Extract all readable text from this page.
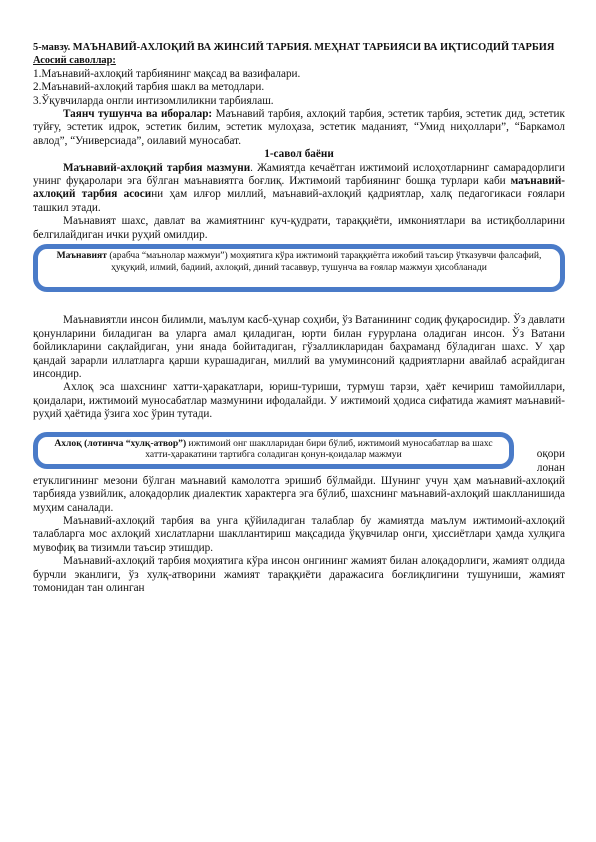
5-мавзу. МАЪНАВИЙ-АХЛОҚИЙ ВА ЖИНСИЙ ТАРБИЯ. МЕҲНАТ ТАРБИЯСИ ВА ИҚТИСОДИЙ ТАРБИЯ

Асосий саволлар:

1.Маънавий-ахлоқий тарбиянинг мақсад ва вазифалари.

2.Маънавий-ахлоқий тарбия шакл ва методлари.

3.Ўқувчиларда онгли интизомлиликни тарбиялаш.

Таянч тушунча ва иборалар: Маънавий тарбия, ахлоқий тарбия, эстетик тарбия, эстетик дид, эстетик туйғу, эстетик идрок, эстетик билим, эстетик мулоҳаза, эстетик маданият, “Умид ниҳоллари”, “Баркамол авлод”, “Универсиада”, оилавий муносабат.

1-савол баёни

Маънавий-ахлоқий тарбия мазмуни. Жамиятда кечаётган ижтимоий ислоҳотларнинг самарадорлиги унинг фуқаролари эга бўлган маънавиятга боғлиқ. Ижтимоий тарбиянинг бошқа турлари каби маънавий-ахлоқий тарбия асосини ҳам илғор миллий, маънавий-ахлоқий қадриятлар, халқ педагогикаси ғоялари ташкил этади.

Маънавият шахс, давлат ва жамиятнинг куч-қудрати, тараққиёти, имкониятлари ва истиқболларини белгилайдиган ички руҳий омилдир.

Маънавият (арабча “маънолар мажмуи”) моҳиятига кўра ижтимоий тараққиётга ижобий таъсир ўтказувчи фалсафий, ҳуқуқий, илмий, бадиий, ахлоқий, диний тасаввур, тушунча ва ғоялар мажмуи ҳисобланади

Маънавиятли инсон билимли, маълум касб-ҳунар соҳиби, ўз Ватанининг содиқ фуқаросидир. Ўз давлати қонунларини биладиган ва уларга амал қиладиган, юрти билан ғурурлана оладиган инсон. Ўз Ватани бойликларини сақлайдиган, уни янада бойитадиган, гўзалликларидан баҳраманд бўладиган шахс. У ҳар қандай зарарли иллатларга қарши курашадиган, миллий ва умуминсоний қадриятларни авайлаб асрайдиган инсондир.

Ахлоқ эса шахснинг хатти-ҳаракатлари, юриш-туриши, турмуш тарзи, ҳаёт кечириш тамойиллари, қоидалари, ижтимоий муносабатлар мазмунини ифодалайди. У ижтимоий ҳодиса сифатида жамият маънавий-руҳий ҳаётида ўзига хос ўрин тутади.

Ахлоқ (лотинча “хулқ-атвор”) ижтимоий онг шаклларидан бири бўлиб, ижтимоий муносабатлар ва шахс хатти-ҳаракатини тартибга соладиган қонун-қоидалар мажмуи	оқори
лонан

етуклигининг мезони бўлган маънавий камолотга эришиб бўлмайди. Шунинг учун ҳам маънавий-ахлоқий тарбияда узвийлик, алоқадорлик диалектик характерга эга бўлиб, шахснинг маънавий-ахлоқий шаклланишида муҳим саналади.

Маънавий-ахлоқий тарбия ва унга қўйиладиган талаблар бу жамиятда маълум ижтимоий-ахлоқий талабларга мос ахлоқий хислатларни шакллантириш мақсадида ўқувчилар онги, ҳиссиётлари ҳамда хулқига мувофиқ ва тизимли таъсир этишдир.

Маънавий-ахлоқий тарбия моҳиятига кўра инсон онгининг жамият билан алоқадорлиги, жамият олдида бурчли эканлиги, ўз хулқ-атворини жамият тараққиёти даражасига боғлиқлигини тушуниши, жамият томонидан тан олинган
